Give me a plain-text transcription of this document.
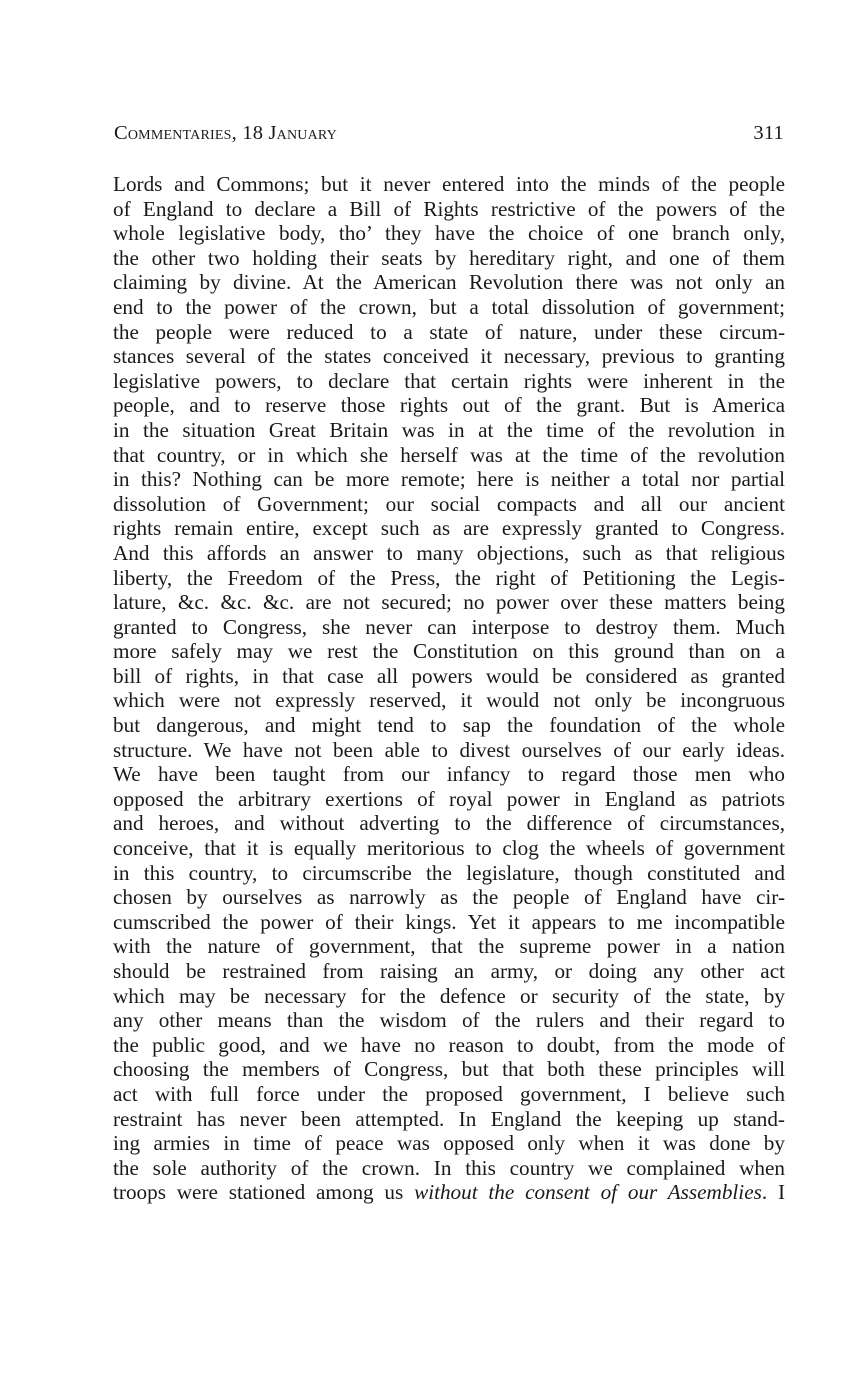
Commentaries, 18 January	311
Lords and Commons; but it never entered into the minds of the people
of England to declare a Bill of Rights restrictive of the powers of the
whole legislative body, tho’ they have the choice of one branch only,
the other two holding their seats by hereditary right, and one of them
claiming by divine. At the American Revolution there was not only an
end to the power of the crown, but a total dissolution of government;
the people were reduced to a state of nature, under these circum-
stances several of the states conceived it necessary, previous to granting
legislative powers, to declare that certain rights were inherent in the
people, and to reserve those rights out of the grant. But is America
in the situation Great Britain was in at the time of the revolution in
that country, or in which she herself was at the time of the revolution
in this? Nothing can be more remote; here is neither a total nor partial
dissolution of Government; our social compacts and all our ancient
rights remain entire, except such as are expressly granted to Congress.
And this affords an answer to many objections, such as that religious
liberty, the Freedom of the Press, the right of Petitioning the Legis-
lature, &c. &c. &c. are not secured; no power over these matters being
granted to Congress, she never can interpose to destroy them. Much
more safely may we rest the Constitution on this ground than on a
bill of rights, in that case all powers would be considered as granted
which were not expressly reserved, it would not only be incongruous
but dangerous, and might tend to sap the foundation of the whole
structure. We have not been able to divest ourselves of our early ideas.
We have been taught from our infancy to regard those men who
opposed the arbitrary exertions of royal power in England as patriots
and heroes, and without adverting to the difference of circumstances,
conceive, that it is equally meritorious to clog the wheels of government
in this country, to circumscribe the legislature, though constituted and
chosen by ourselves as narrowly as the people of England have cir-
cumscribed the power of their kings. Yet it appears to me incompatible
with the nature of government, that the supreme power in a nation
should be restrained from raising an army, or doing any other act
which may be necessary for the defence or security of the state, by
any other means than the wisdom of the rulers and their regard to
the public good, and we have no reason to doubt, from the mode of
choosing the members of Congress, but that both these principles will
act with full force under the proposed government, I believe such
restraint has never been attempted. In England the keeping up stand-
ing armies in time of peace was opposed only when it was done by
the sole authority of the crown. In this country we complained when
troops were stationed among us without the consent of our Assemblies. I
